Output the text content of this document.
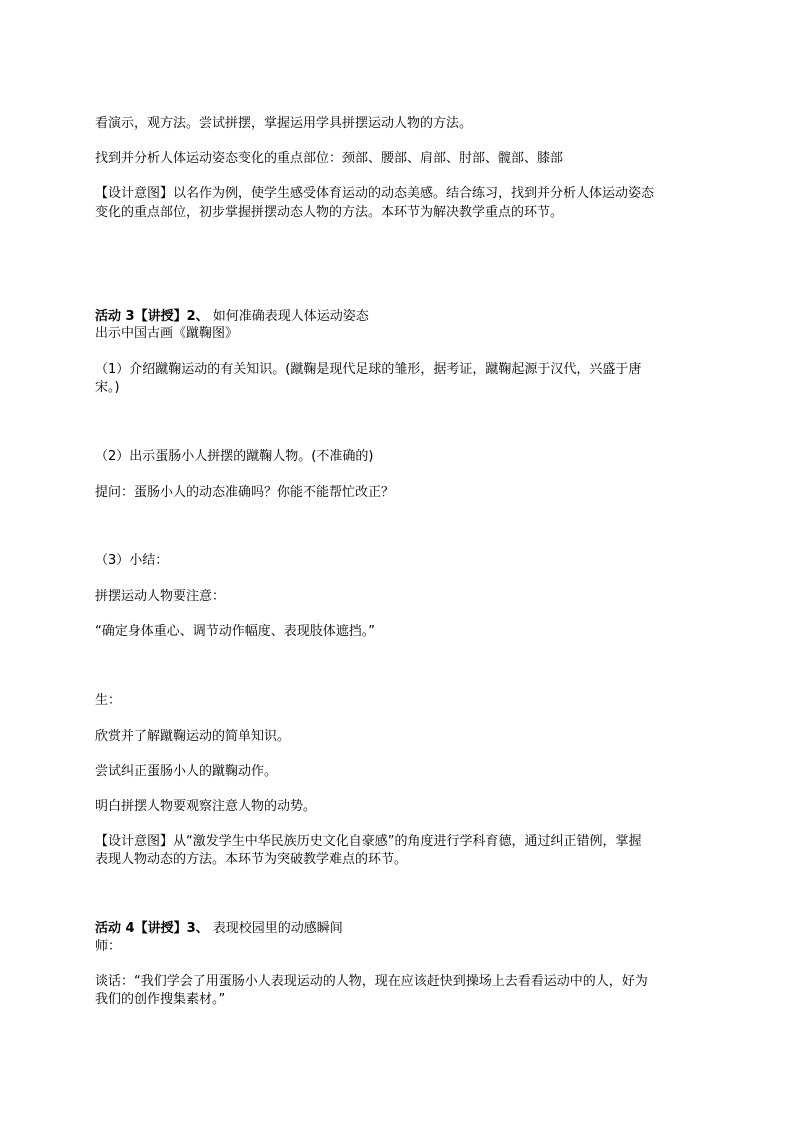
看演示，观方法。尝试拼摆，掌握运用学具拼摆运动人物的方法。
找到并分析人体运动姿态变化的重点部位：颈部、腰部、肩部、肘部、髋部、膝部
【设计意图】以名作为例，使学生感受体育运动的动态美感。结合练习，找到并分析人体运动姿态
变化的重点部位，初步掌握拼摆动态人物的方法。本环节为解决教学重点的环节。
活动 3【讲授】2、 如何准确表现人体运动姿态
出示中国古画《蹴鞠图》
（1）介绍蹴鞠运动的有关知识。(蹴鞠是现代足球的雏形，据考证，蹴鞠起源于汉代，兴盛于唐
宋。)
（2）出示蛋肠小人拼摆的蹴鞠人物。(不准确的)
提问：蛋肠小人的动态准确吗？你能不能帮忙改正？
（3）小结：
拼摆运动人物要注意：
“确定身体重心、调节动作幅度、表现肢体遮挡。”
生：
欣赏并了解蹴鞠运动的简单知识。
尝试纠正蛋肠小人的蹴鞠动作。
明白拼摆人物要观察注意人物的动势。
【设计意图】从“激发学生中华民族历史文化自豪感”的角度进行学科育德，通过纠正错例，掌握
表现人物动态的方法。本环节为突破教学难点的环节。
活动 4【讲授】3、 表现校园里的动感瞬间
师：
谈话：“我们学会了用蛋肠小人表现运动的人物，现在应该赶快到操场上去看看运动中的人，好为
我们的创作搜集素材。”
